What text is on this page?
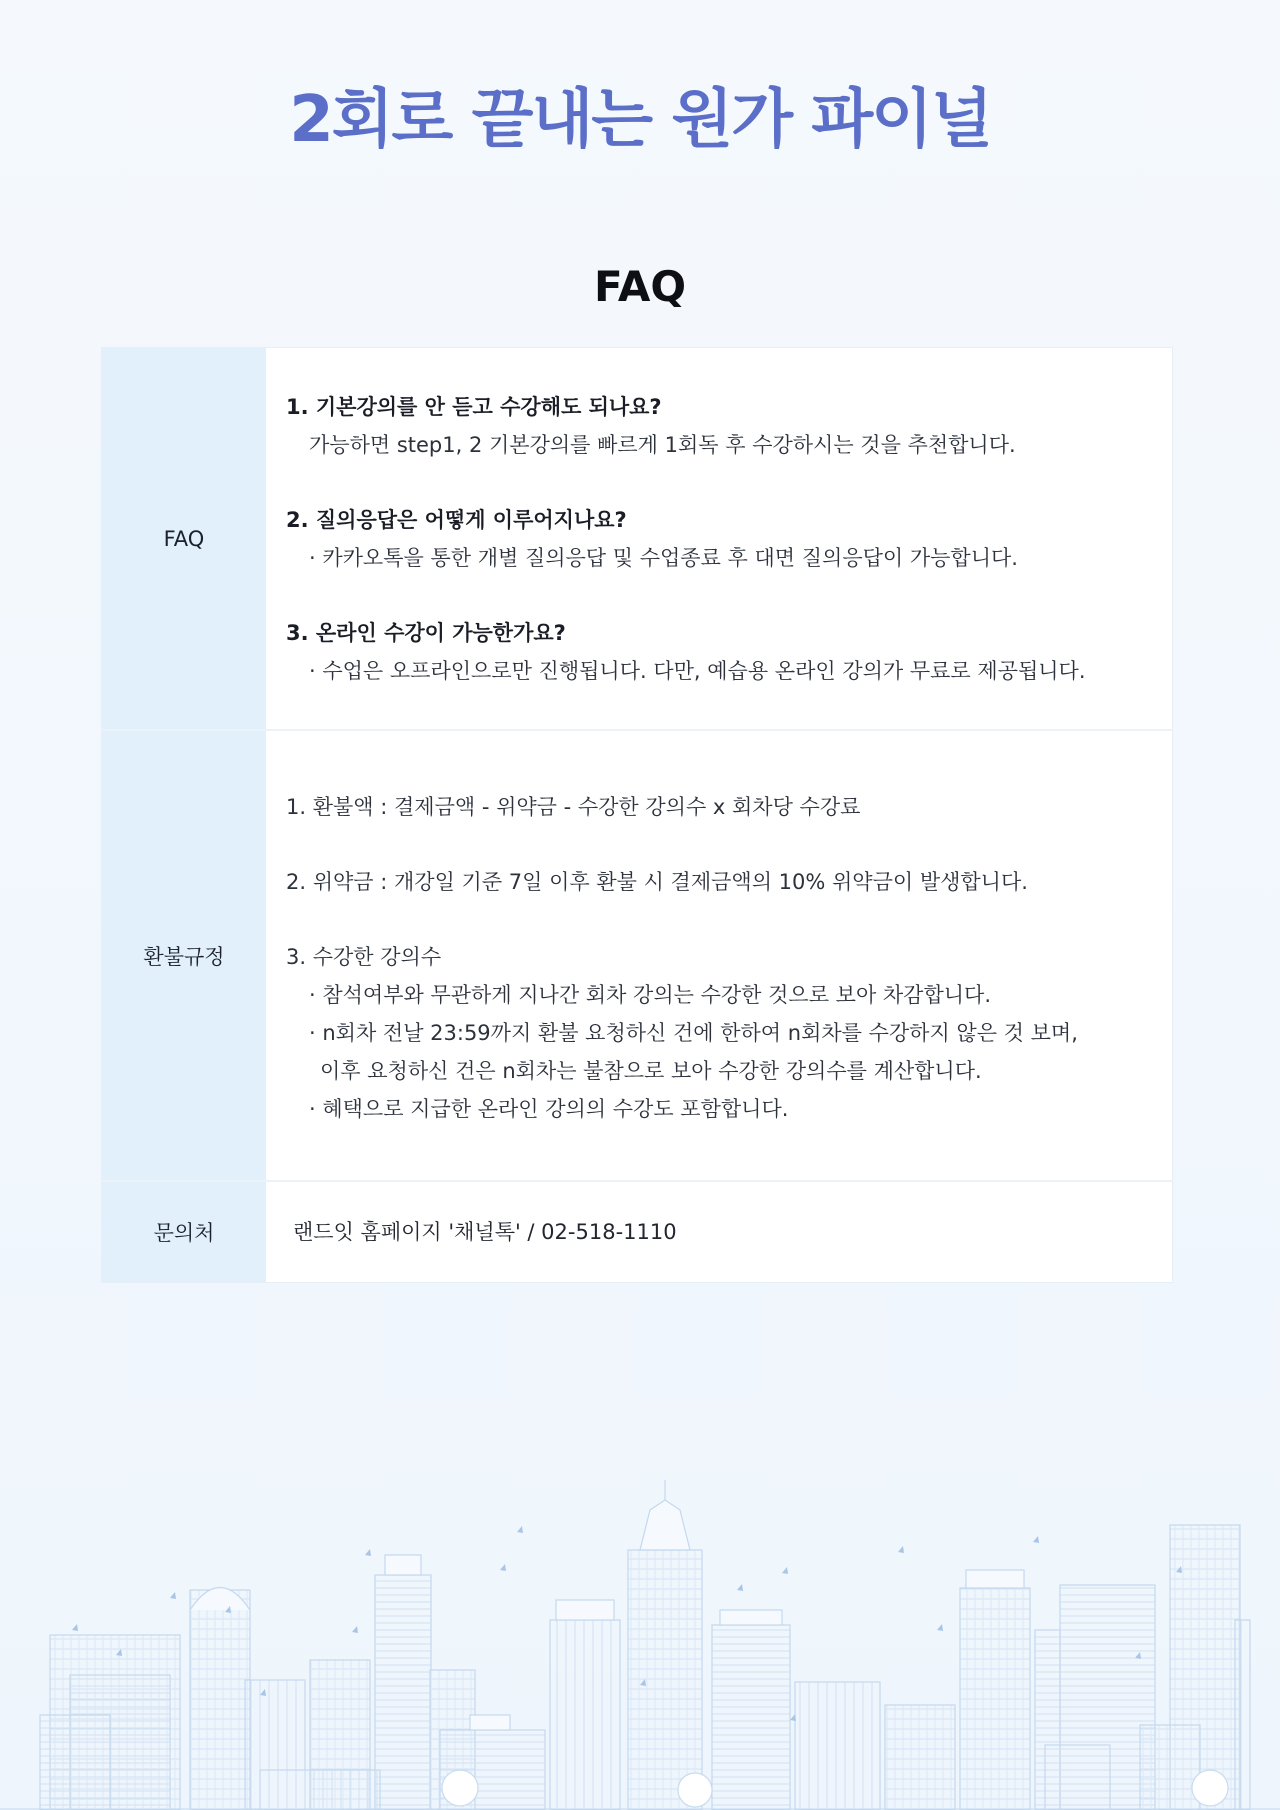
2회로 끝내는 원가 파이널
FAQ
FAQ
1. 기본강의를 안 듣고 수강해도 되나요?
가능하면 step1, 2 기본강의를 빠르게 1회독 후 수강하시는 것을 추천합니다.
2. 질의응답은 어떻게 이루어지나요?
· 카카오톡을 통한 개별 질의응답 및 수업종료 후 대면 질의응답이 가능합니다.
3. 온라인 수강이 가능한가요?
· 수업은 오프라인으로만 진행됩니다. 다만, 예습용 온라인 강의가 무료로 제공됩니다.
환불규정
1. 환불액 : 결제금액 - 위약금 - 수강한 강의수 x 회차당 수강료
2. 위약금 : 개강일 기준 7일 이후 환불 시 결제금액의 10% 위약금이 발생합니다.
3. 수강한 강의수
· 참석여부와 무관하게 지나간 회차 강의는 수강한 것으로 보아 차감합니다.
· n회차 전날 23:59까지 환불 요청하신 건에 한하여 n회차를 수강하지 않은 것 보며,
이후 요청하신 건은 n회차는 불참으로 보아 수강한 강의수를 계산합니다.
· 혜택으로 지급한 온라인 강의의 수강도 포함합니다.
문의처	랜드잇 홈페이지 '채널톡' / 02-518-1110
